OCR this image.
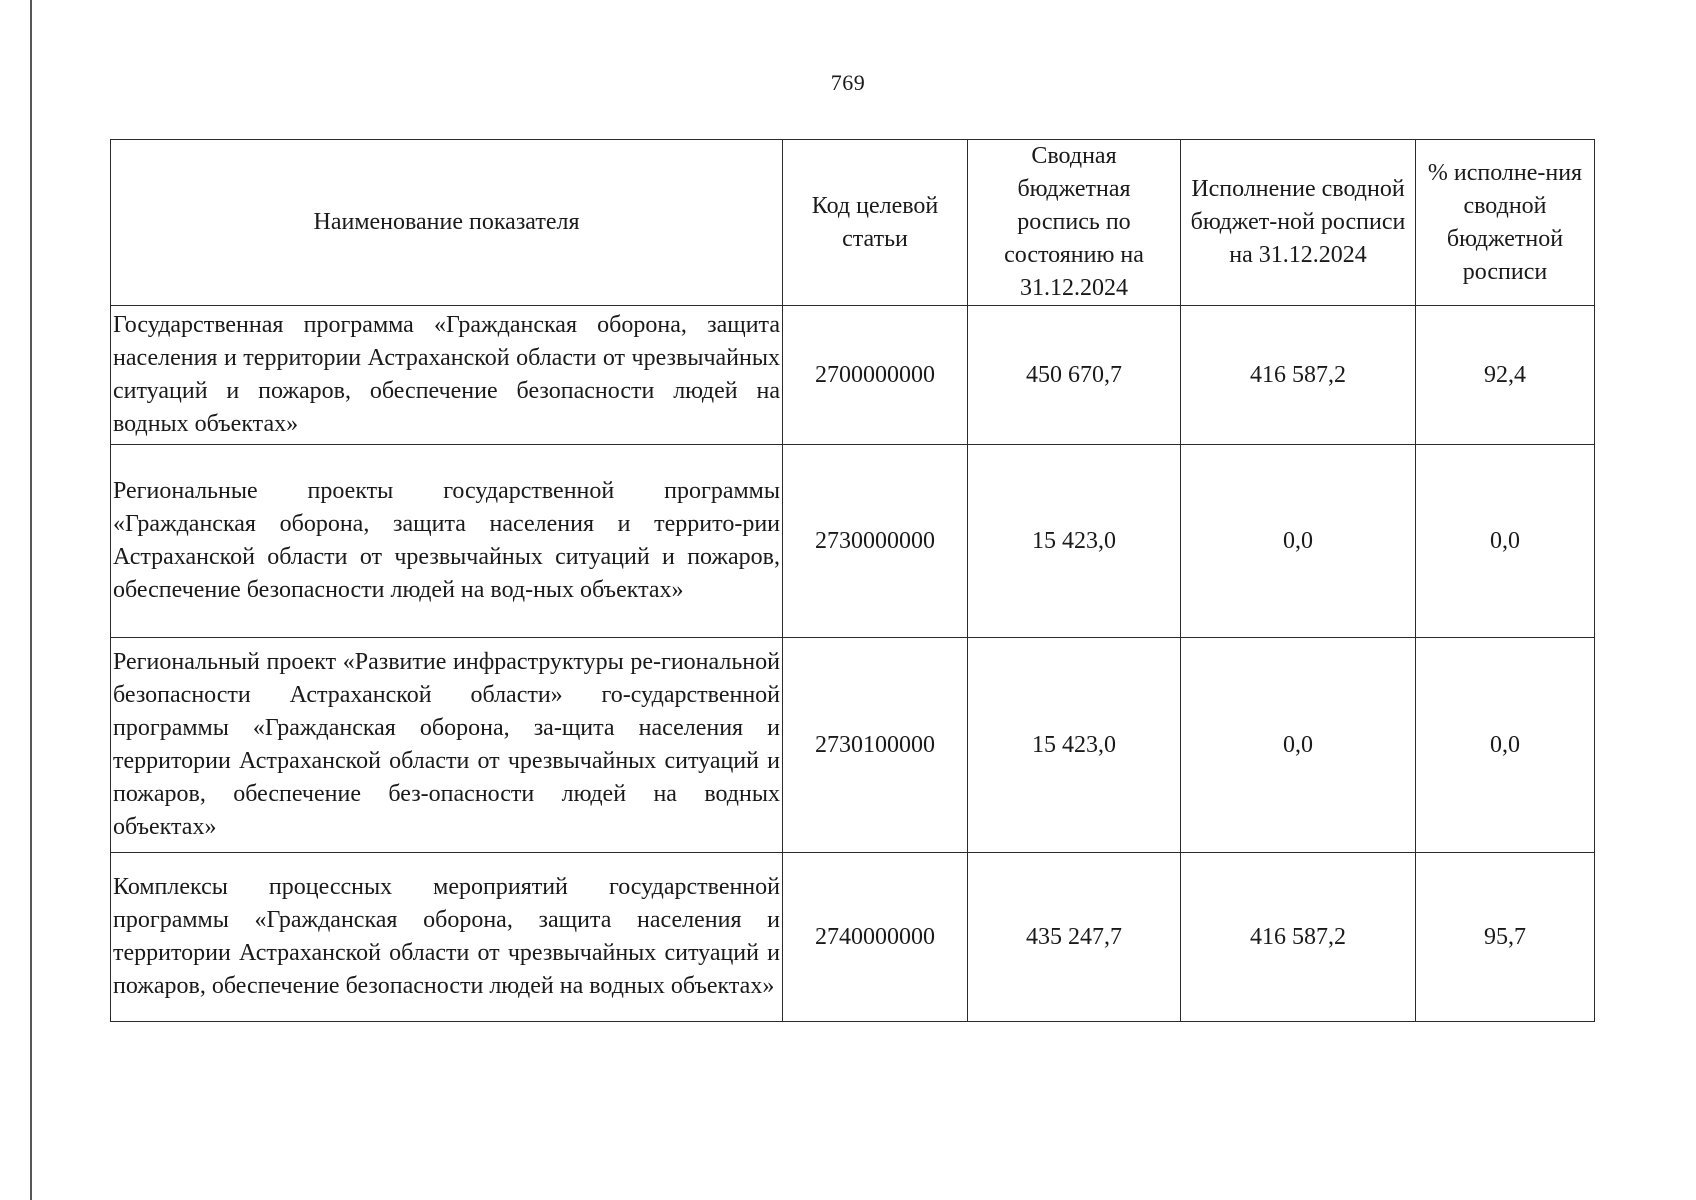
769
Наименование показателя	Код целевой статьи	Сводная бюджетная роспись по состоянию на 31.12.2024	Исполнение сводной бюджет-ной росписи на 31.12.2024	% исполне-ния сводной бюджетной росписи
Государственная программа «Гражданская оборона, защита населения и территории Астраханской области от чрезвычайных ситуаций и пожаров, обеспечение безопасности людей на водных объектах»	2700000000	450 670,7	416 587,2	92,4
Региональные проекты государственной программы «Гражданская оборона, защита населения и террито-рии Астраханской области от чрезвычайных ситуаций и пожаров, обеспечение безопасности людей на вод-ных объектах»	2730000000	15 423,0	0,0	0,0
Региональный проект «Развитие инфраструктуры ре-гиональной безопасности Астраханской области» го-сударственной программы «Гражданская оборона, за-щита населения и территории Астраханской области от чрезвычайных ситуаций и пожаров, обеспечение без-опасности людей на водных объектах»	2730100000	15 423,0	0,0	0,0
Комплексы процессных мероприятий государственной программы «Гражданская оборона, защита населения и территории Астраханской области от чрезвычайных ситуаций и пожаров, обеспечение безопасности людей на водных объектах»	2740000000	435 247,7	416 587,2	95,7
